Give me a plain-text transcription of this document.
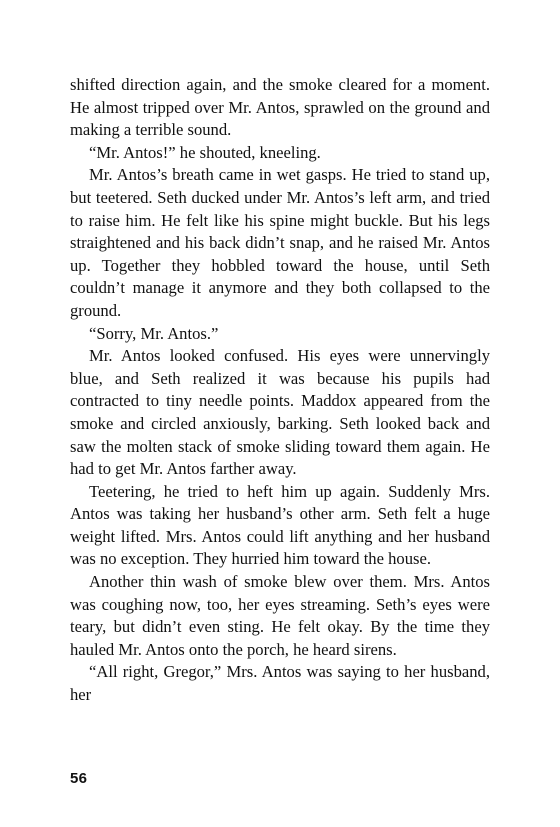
shifted direction again, and the smoke cleared for a moment. He almost tripped over Mr. Antos, sprawled on the ground and making a terrible sound.

“Mr. Antos!” he shouted, kneeling.

Mr. Antos’s breath came in wet gasps. He tried to stand up, but teetered. Seth ducked under Mr. Antos’s left arm, and tried to raise him. He felt like his spine might buckle. But his legs straightened and his back didn’t snap, and he raised Mr. Antos up. Together they hobbled toward the house, until Seth couldn’t manage it anymore and they both collapsed to the ground.

“Sorry, Mr. Antos.”

Mr. Antos looked confused. His eyes were unnervingly blue, and Seth realized it was because his pupils had contracted to tiny needle points. Maddox appeared from the smoke and circled anxiously, barking. Seth looked back and saw the molten stack of smoke sliding toward them again. He had to get Mr. Antos farther away.

Teetering, he tried to heft him up again. Suddenly Mrs. Antos was taking her husband’s other arm. Seth felt a huge weight lifted. Mrs. Antos could lift anything and her husband was no exception. They hurried him toward the house.

Another thin wash of smoke blew over them. Mrs. Antos was coughing now, too, her eyes streaming. Seth’s eyes were teary, but didn’t even sting. He felt okay. By the time they hauled Mr. Antos onto the porch, he heard sirens.

“All right, Gregor,” Mrs. Antos was saying to her husband, her

56
